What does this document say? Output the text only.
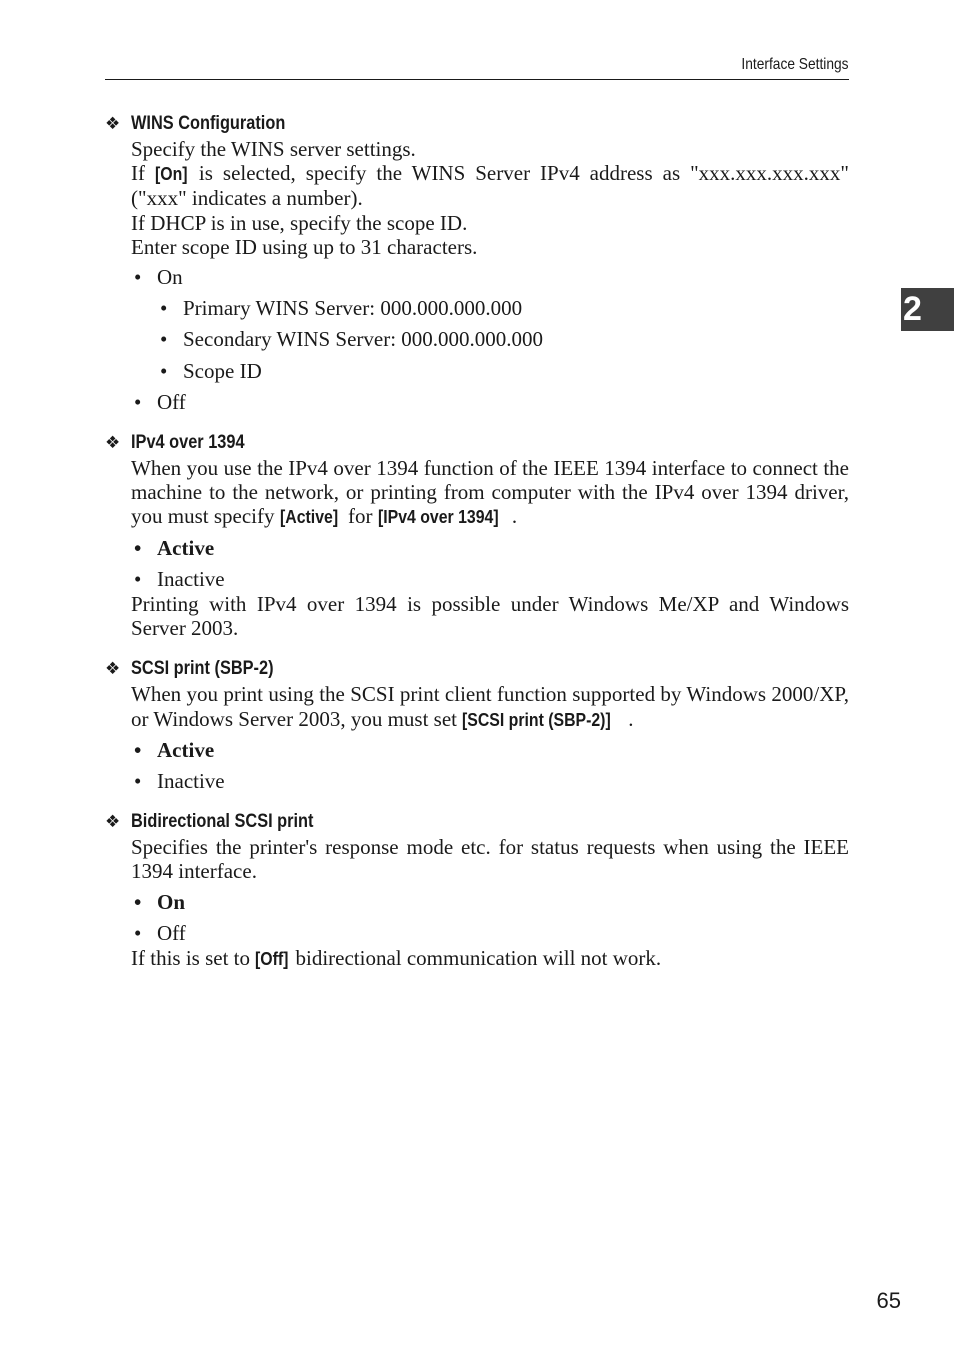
Interface Settings
2
❖ WINS Configuration
Specify the WINS server settings.
If [On] is selected, specify the WINS Server IPv4 address as "xxx.xxx.xxx.xxx" ("xxx" indicates a number).
If DHCP is in use, specify the scope ID.
Enter scope ID using up to 31 characters.
• On
• Primary WINS Server: 000.000.000.000
• Secondary WINS Server: 000.000.000.000
• Scope ID
• Off
❖ IPv4 over 1394
When you use the IPv4 over 1394 function of the IEEE 1394 interface to connect the machine to the network, or printing from computer with the IPv4 over 1394 driver, you must specify [Active] for [IPv4 over 1394] .
• Active
• Inactive
Printing with IPv4 over 1394 is possible under Windows Me/XP and Windows Server 2003.
❖ SCSI print (SBP-2)
When you print using the SCSI print client function supported by Windows 2000/XP, or Windows Server 2003, you must set [SCSI print (SBP-2)] .
• Active
• Inactive
❖ Bidirectional SCSI print
Specifies the printer's response mode etc. for status requests when using the IEEE 1394 interface.
• On
• Off
If this is set to [Off] bidirectional communication will not work.
65
